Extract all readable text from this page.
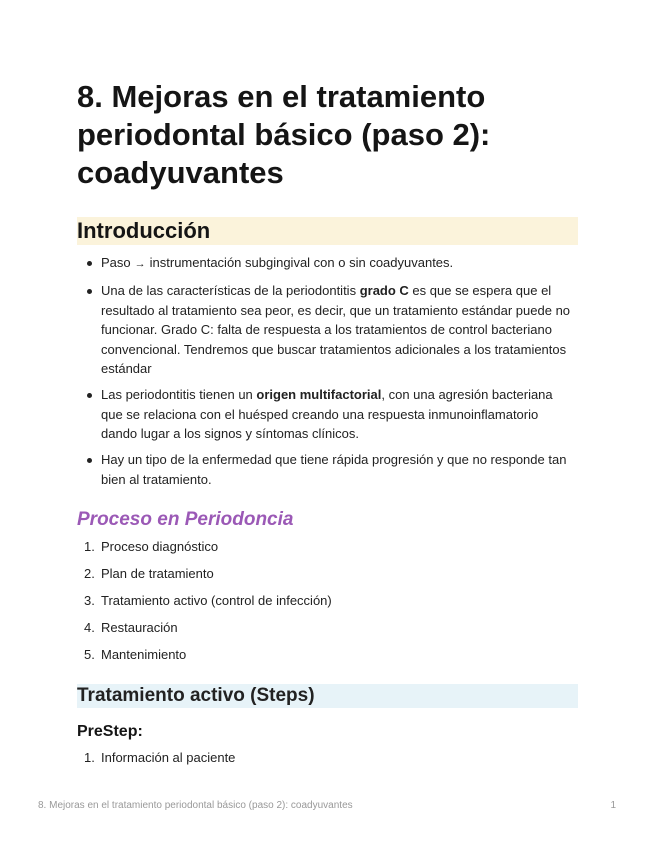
8. Mejoras en el tratamiento periodontal básico (paso 2): coadyuvantes
Introducción
Paso → instrumentación subgingival con o sin coadyuvantes.
Una de las características de la periodontitis grado C es que se espera que el resultado al tratamiento sea peor, es decir, que un tratamiento estándar puede no funcionar. Grado C: falta de respuesta a los tratamientos de control bacteriano convencional. Tendremos que buscar tratamientos adicionales a los tratamientos estándar
Las periodontitis tienen un origen multifactorial, con una agresión bacteriana que se relaciona con el huésped creando una respuesta inmunoinflamatorio dando lugar a los signos y síntomas clínicos.
Hay un tipo de la enfermedad que tiene rápida progresión y que no responde tan bien al tratamiento.
Proceso en Periodoncia
1. Proceso diagnóstico
2. Plan de tratamiento
3. Tratamiento activo (control de infección)
4. Restauración
5. Mantenimiento
Tratamiento activo (Steps)
PreStep:
1. Información al paciente
8. Mejoras en el tratamiento periodontal básico (paso 2): coadyuvantes	1
